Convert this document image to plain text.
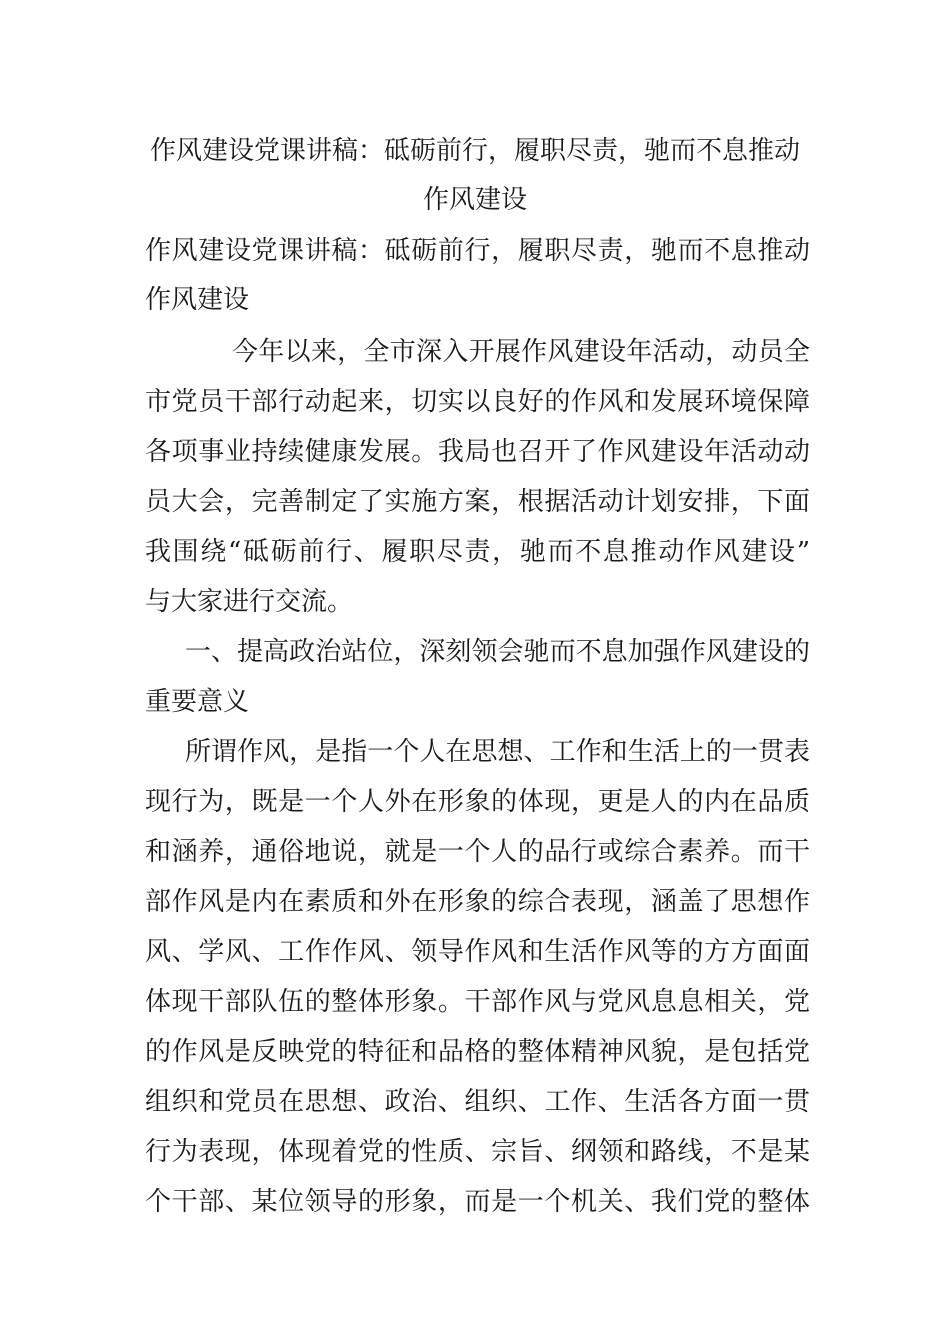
作风建设党课讲稿：砥砺前行，履职尽责，驰而不息推动
作风建设
作风建设党课讲稿：砥砺前行，履职尽责，驰而不息推动
作风建设
今年以来，全市深入开展作风建设年活动，动员全
市党员干部行动起来，切实以良好的作风和发展环境保障
各项事业持续健康发展。我局也召开了作风建设年活动动
员大会，完善制定了实施方案，根据活动计划安排，下面
我围绕“砥砺前行、履职尽责，驰而不息推动作风建设”
与大家进行交流。
一、提高政治站位，深刻领会驰而不息加强作风建设的
重要意义
所谓作风，是指一个人在思想、工作和生活上的一贯表
现行为，既是一个人外在形象的体现，更是人的内在品质
和涵养，通俗地说，就是一个人的品行或综合素养。而干
部作风是内在素质和外在形象的综合表现，涵盖了思想作
风、学风、工作作风、领导作风和生活作风等的方方面面
体现干部队伍的整体形象。干部作风与党风息息相关，党
的作风是反映党的特征和品格的整体精神风貌，是包括党
组织和党员在思想、政治、组织、工作、生活各方面一贯
行为表现，体现着党的性质、宗旨、纲领和路线，不是某
个干部、某位领导的形象，而是一个机关、我们党的整体
